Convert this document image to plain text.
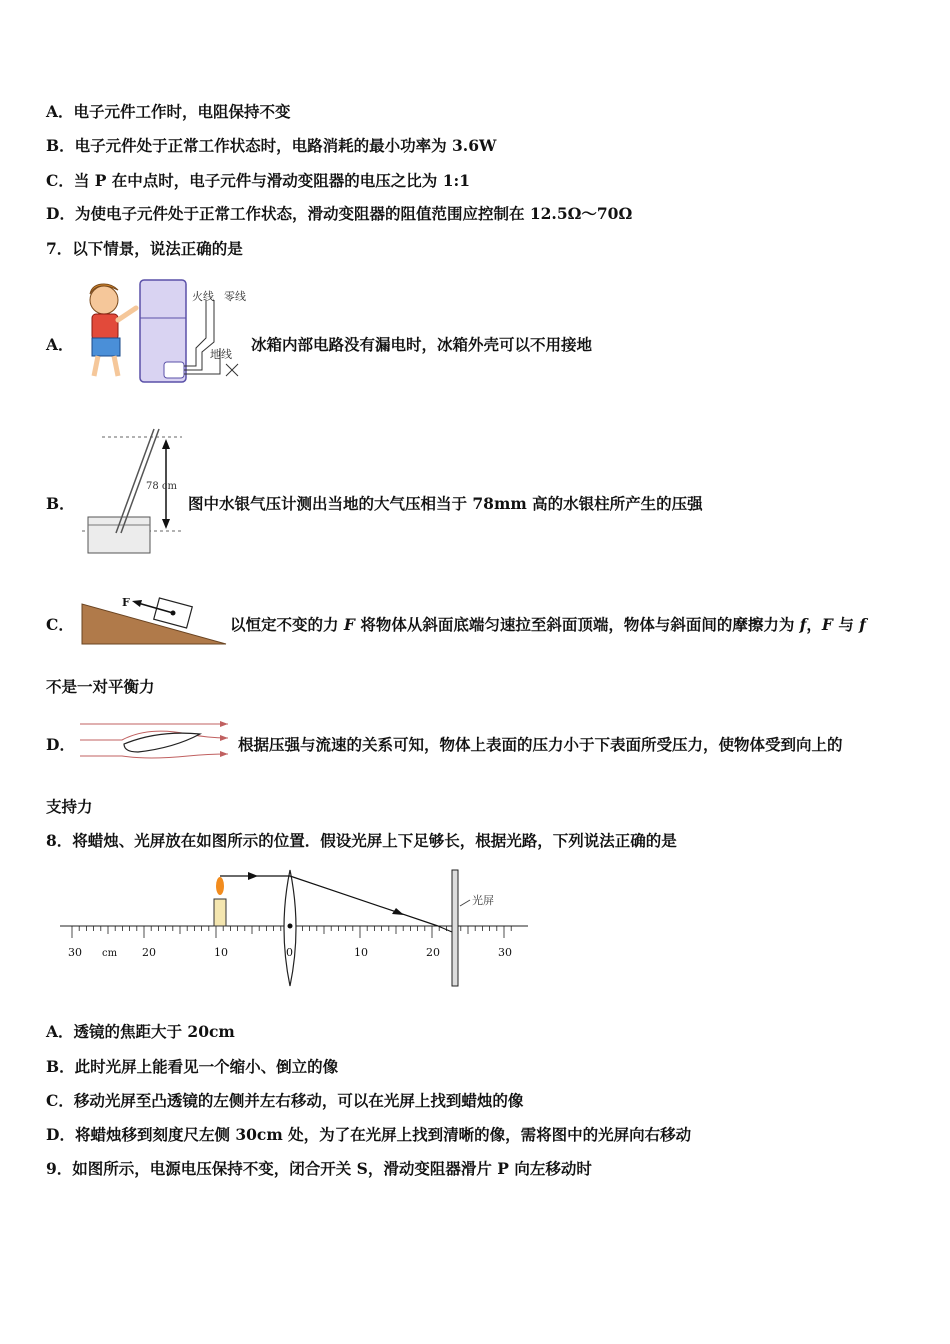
A．电子元件工作时，电阻保持不变
B．电子元件处于正常工作状态时，电路消耗的最小功率为 3.6W
C．当 P 在中点时，电子元件与滑动变阻器的电压之比为 1:1
D．为使电子元件处于正常工作状态，滑动变阻器的阻值范围应控制在 12.5Ω～70Ω
7．以下情景，说法正确的是
A．
火线 零线
地线
冰箱内部电路没有漏电时，冰箱外壳可以不用接地
B．
78 cm
图中水银气压计测出当地的大气压相当于 78mm 高的水银柱所产生的压强
C．
F
以恒定不变的力 F 将物体从斜面底端匀速拉至斜面顶端，物体与斜面间的摩擦力为 f，F 与 f
不是一对平衡力
D．	根据压强与流速的关系可知，物体上表面的压力小于下表面所受压力，使物体受到向上的
支持力
8．将蜡烛、光屏放在如图所示的位置．假设光屏上下足够长，根据光路，下列说法正确的是
光屏
30 cm 20	10	0	10	20	30
A．透镜的焦距大于 20cm
B．此时光屏上能看见一个缩小、倒立的像
C．移动光屏至凸透镜的左侧并左右移动，可以在光屏上找到蜡烛的像
D．将蜡烛移到刻度尺左侧 30cm 处，为了在光屏上找到清晰的像，需将图中的光屏向右移动
9．如图所示，电源电压保持不变，闭合开关 S，滑动变阻器滑片 P 向左移动时
